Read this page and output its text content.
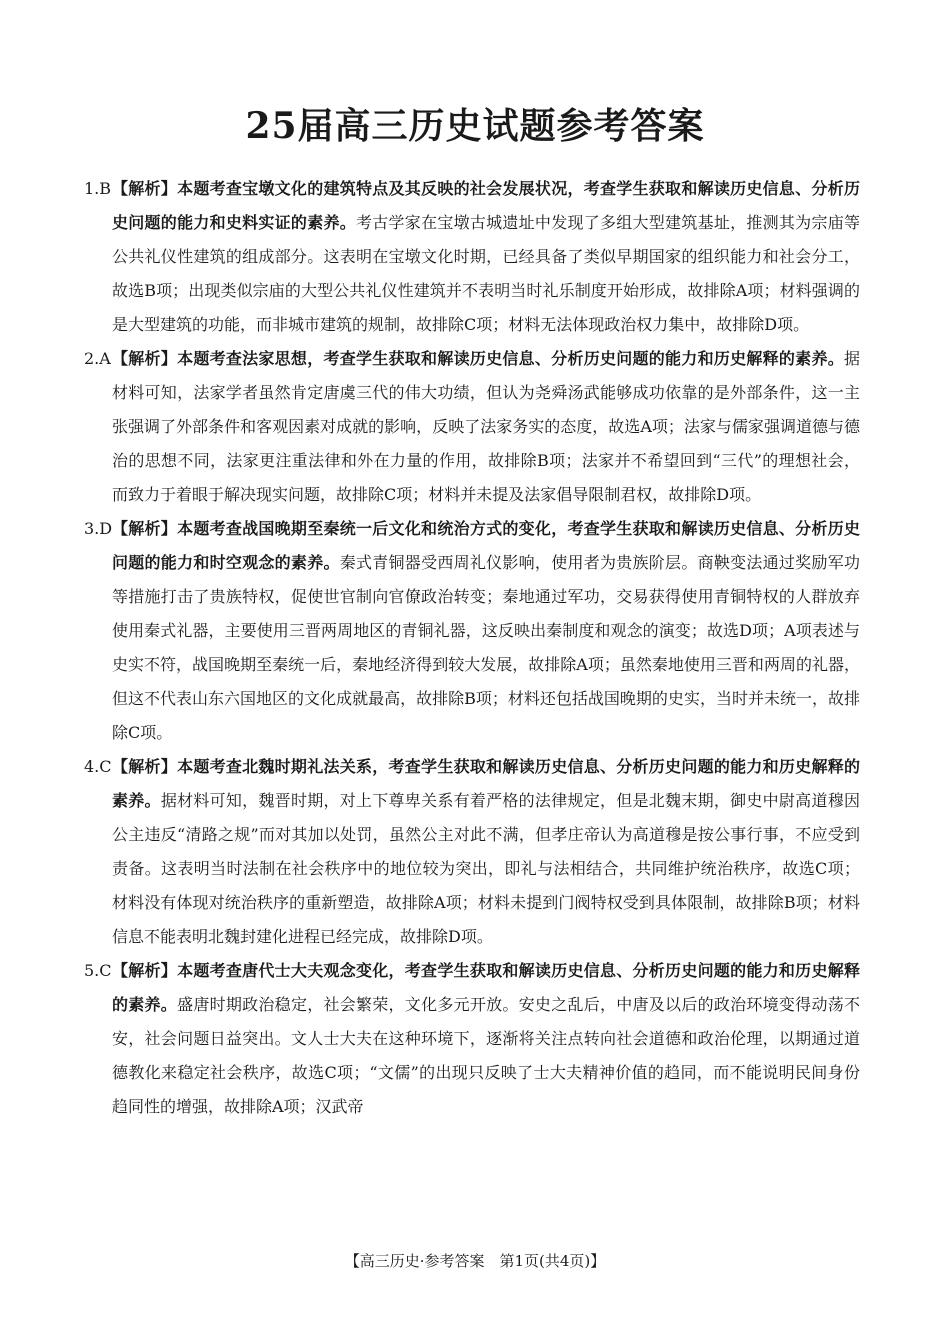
25届高三历史试题参考答案
1.B 【解析】本题考查宝墩文化的建筑特点及其反映的社会发展状况，考查学生获取和解读历史信息、分析历史问题的能力和史料实证的素养。考古学家在宝墩古城遗址中发现了多组大型建筑基址，推测其为宗庙等公共礼仪性建筑的组成部分。这表明在宝墩文化时期，已经具备了类似早期国家的组织能力和社会分工，故选B项；出现类似宗庙的大型公共礼仪性建筑并不表明当时礼乐制度开始形成，故排除A项；材料强调的是大型建筑的功能，而非城市建筑的规制，故排除C项；材料无法体现政治权力集中，故排除D项。
2.A 【解析】本题考查法家思想，考查学生获取和解读历史信息、分析历史问题的能力和历史解释的素养。据材料可知，法家学者虽然肯定唐虞三代的伟大功绩，但认为尧舜汤武能够成功依靠的是外部条件，这一主张强调了外部条件和客观因素对成就的影响，反映了法家务实的态度，故选A项；法家与儒家强调道德与德治的思想不同，法家更注重法律和外在力量的作用，故排除B项；法家并不希望回到“三代”的理想社会，而致力于着眼于解决现实问题，故排除C项；材料并未提及法家倡导限制君权，故排除D项。
3.D 【解析】本题考查战国晚期至秦统一后文化和统治方式的变化，考查学生获取和解读历史信息、分析历史问题的能力和时空观念的素养。秦式青铜器受西周礼仪影响，使用者为贵族阶层。商鞅变法通过奖励军功等措施打击了贵族特权，促使世官制向官僚政治转变；秦地通过军功，交易获得使用青铜特权的人群放弃使用秦式礼器，主要使用三晋两周地区的青铜礼器，这反映出秦制度和观念的演变；故选D项；A项表述与史实不符，战国晚期至秦统一后，秦地经济得到较大发展，故排除A项；虽然秦地使用三晋和两周的礼器，但这不代表山东六国地区的文化成就最高，故排除B项；材料还包括战国晚期的史实，当时并未统一，故排除C项。
4.C 【解析】本题考查北魏时期礼法关系，考查学生获取和解读历史信息、分析历史问题的能力和历史解释的素养。据材料可知，魏晋时期，对上下尊卑关系有着严格的法律规定，但是北魏末期，御史中尉高道穆因公主违反“清路之规”而对其加以处罚，虽然公主对此不满，但孝庄帝认为高道穆是按公事行事，不应受到责备。这表明当时法制在社会秩序中的地位较为突出，即礼与法相结合，共同维护统治秩序，故选C项；材料没有体现对统治秩序的重新塑造，故排除A项；材料未提到门阀特权受到具体限制，故排除B项；材料信息不能表明北魏封建化进程已经完成，故排除D项。
5.C 【解析】本题考查唐代士大夫观念变化，考查学生获取和解读历史信息、分析历史问题的能力和历史解释的素养。盛唐时期政治稳定，社会繁荣，文化多元开放。安史之乱后，中唐及以后的政治环境变得动荡不安，社会问题日益突出。文人士大夫在这种环境下，逐渐将关注点转向社会道德和政治伦理，以期通过道德教化来稳定社会秩序，故选C项；“文儒”的出现只反映了士大夫精神价值的趋同，而不能说明民间身份趋同性的增强，故排除A项；汉武帝
【高三历史·参考答案　第1页(共4页)】
